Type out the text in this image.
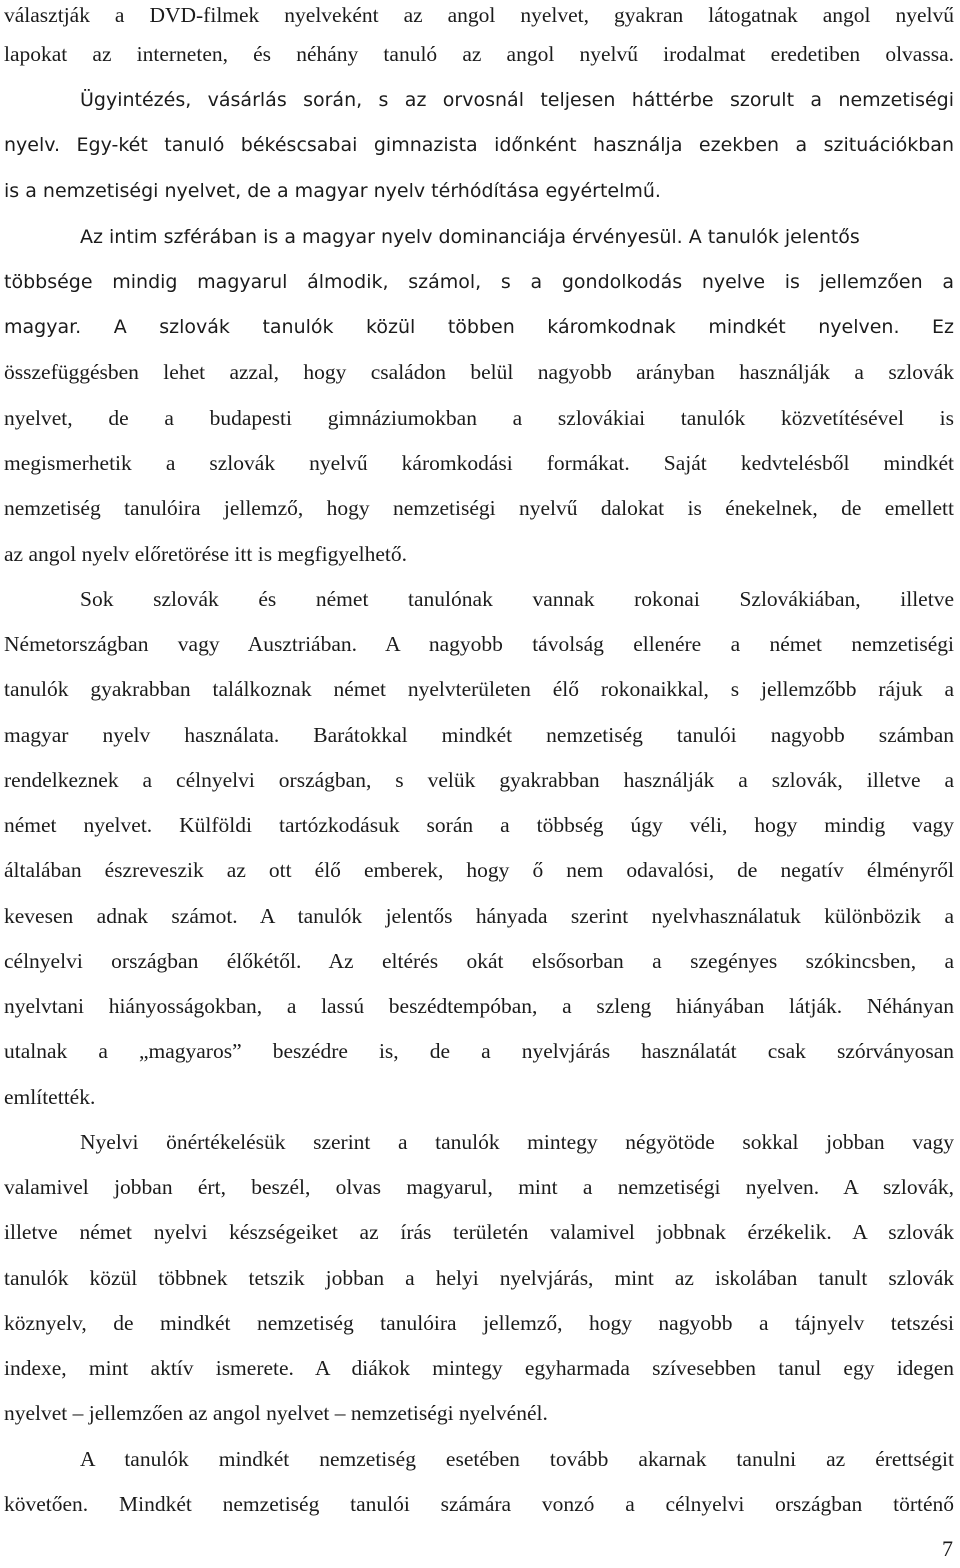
választják a DVD-filmek nyelveként az angol nyelvet, gyakran látogatnak angol nyelvű
lapokat az interneten, és néhány tanuló az angol nyelvű irodalmat eredetiben olvassa.
Ügyintézés, vásárlás során, s az orvosnál teljesen háttérbe szorult a nemzetiségi
nyelv. Egy-két tanuló békéscsabai gimnazista időnként használja ezekben a szituációkban
is a nemzetiségi nyelvet, de a magyar nyelv térhódítása egyértelmű.
Az intim szférában is a magyar nyelv dominanciája érvényesül. A tanulók jelentős
többsége mindig magyarul álmodik, számol, s a gondolkodás nyelve is jellemzően a
magyar. A szlovák tanulók közül többen káromkodnak mindkét nyelven. Ez
összefüggésben lehet azzal, hogy családon belül nagyobb arányban használják a szlovák
nyelvet, de a budapesti gimnáziumokban a szlovákiai tanulók közvetítésével is
megismerhetik a szlovák nyelvű káromkodási formákat. Saját kedvtelésből mindkét
nemzetiség tanulóira jellemző, hogy nemzetiségi nyelvű dalokat is énekelnek, de emellett
az angol nyelv előretörése itt is megfigyelhető.
Sok szlovák és német tanulónak vannak rokonai Szlovákiában, illetve
Németországban vagy Ausztriában. A nagyobb távolság ellenére a német nemzetiségi
tanulók gyakrabban találkoznak német nyelvterületen élő rokonaikkal, s jellemzőbb rájuk a
magyar nyelv használata. Barátokkal mindkét nemzetiség tanulói nagyobb számban
rendelkeznek a célnyelvi országban, s velük gyakrabban használják a szlovák, illetve a
német nyelvet. Külföldi tartózkodásuk során a többség úgy véli, hogy mindig vagy
általában észreveszik az ott élő emberek, hogy ő nem odavalósi, de negatív élményről
kevesen adnak számot. A tanulók jelentős hányada szerint nyelvhasználatuk különbözik a
célnyelvi országban élőkétől. Az eltérés okát elsősorban a szegényes szókincsben, a
nyelvtani hiányosságokban, a lassú beszédtempóban, a szleng hiányában látják. Néhányan
utalnak a „magyaros” beszédre is, de a nyelvjárás használatát csak szórványosan
említették.
Nyelvi önértékelésük szerint a tanulók mintegy négyötöde sokkal jobban vagy
valamivel jobban ért, beszél, olvas magyarul, mint a nemzetiségi nyelven. A szlovák,
illetve német nyelvi készségeiket az írás területén valamivel jobbnak érzékelik. A szlovák
tanulók közül többnek tetszik jobban a helyi nyelvjárás, mint az iskolában tanult szlovák
köznyelv, de mindkét nemzetiség tanulóira jellemző, hogy nagyobb a tájnyelv tetszési
indexe, mint aktív ismerete. A diákok mintegy egyharmada szívesebben tanul egy idegen
nyelvet – jellemzően az angol nyelvet – nemzetiségi nyelvénél.
A tanulók mindkét nemzetiség esetében tovább akarnak tanulni az érettségit
követően. Mindkét nemzetiség tanulói számára vonzó a célnyelvi országban történő
7
